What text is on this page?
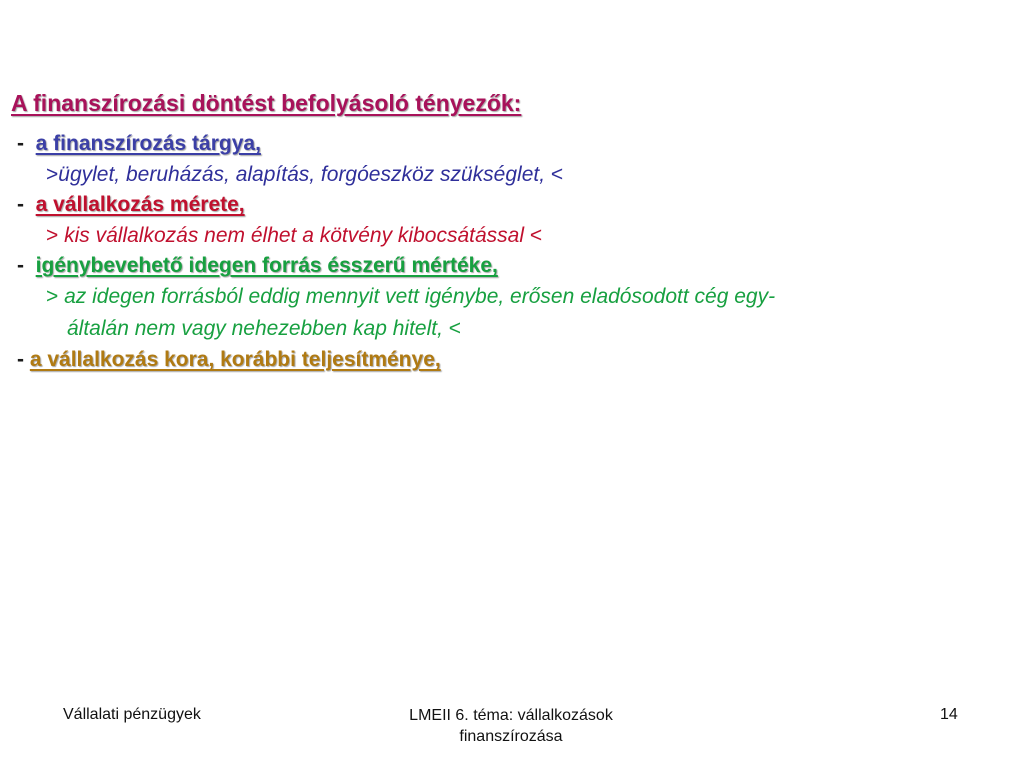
A finanszírozási döntést befolyásoló tényezők:
- a finanszírozás tárgya,
>ügylet, beruházás, alapítás, forgóeszköz szükséglet, <
- a vállalkozás mérete,
> kis vállalkozás nem élhet a kötvény kibocsátással <
- igénybevehető idegen forrás ésszerű mértéke,
> az idegen forrásból eddig mennyit vett igénybe, erősen eladósodott cég egy-
általán nem vagy nehezebben kap hitelt, <
- a vállalkozás kora, korábbi teljesítménye,
Vállalati pénzügyek	LMEII 6. téma: vállalkozások
finanszírozása
14
